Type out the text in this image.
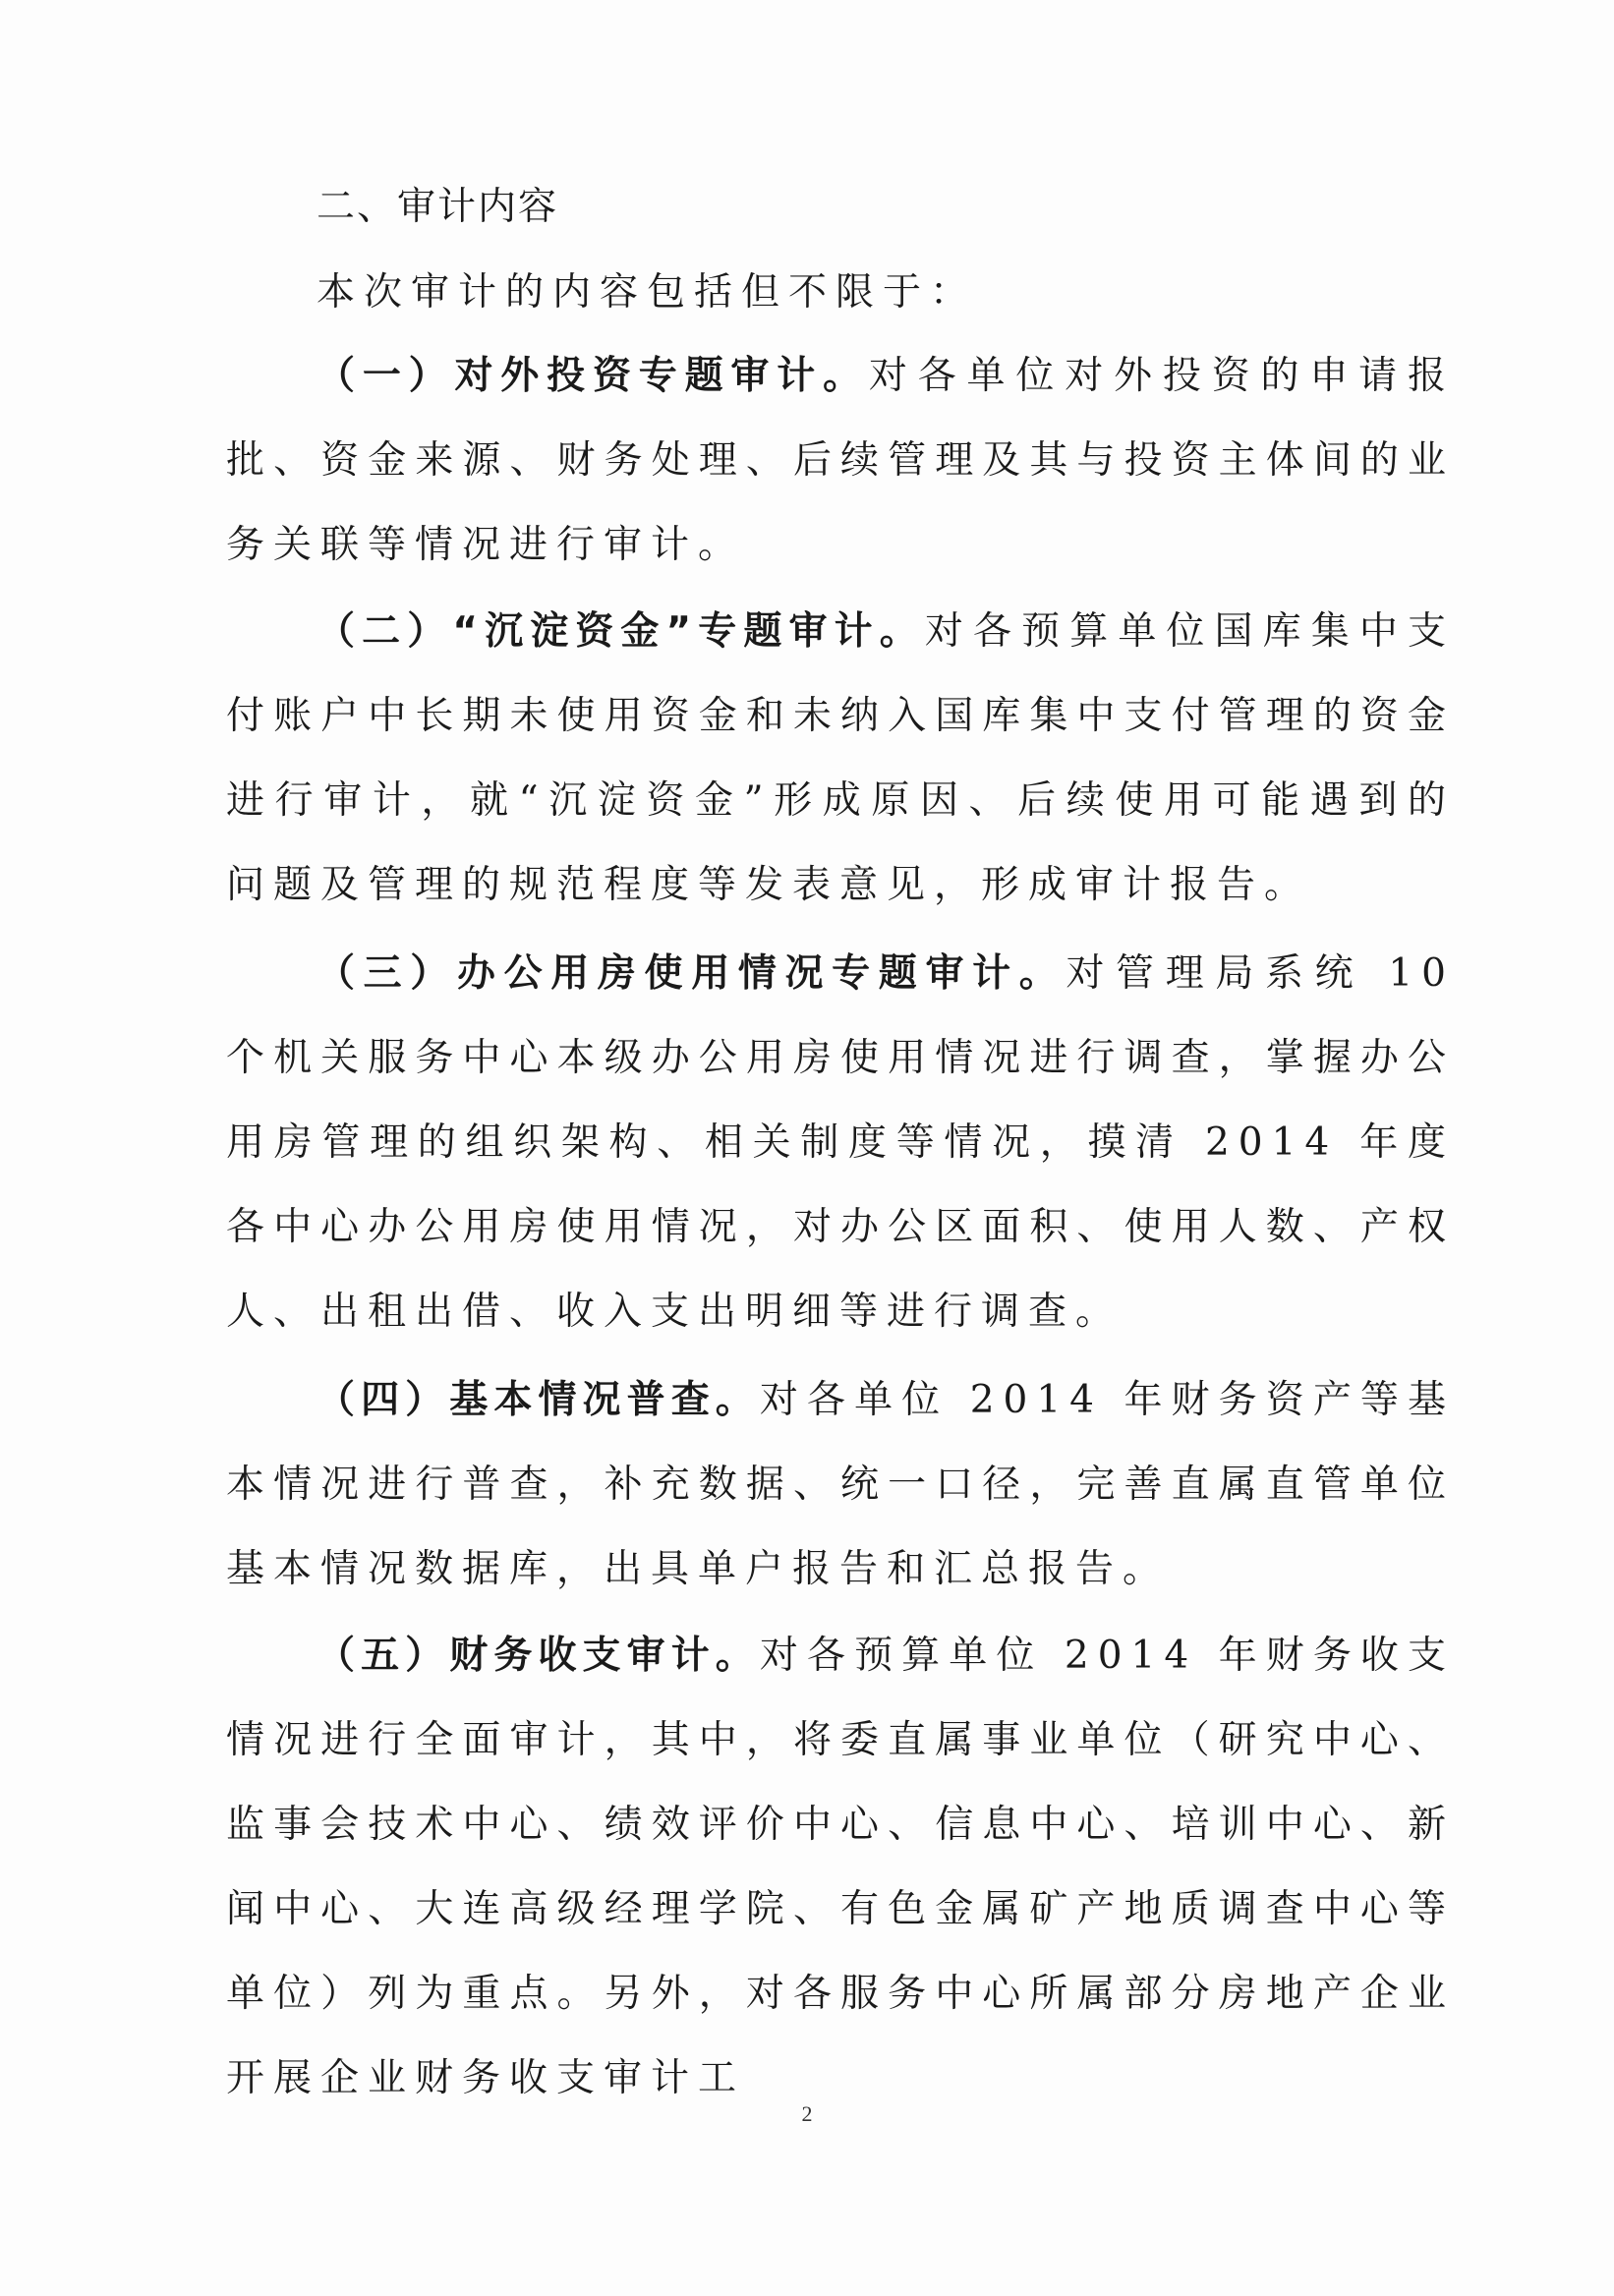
二、审计内容
本次审计的内容包括但不限于：
（一）对外投资专题审计。对各单位对外投资的申请报批、资金来源、财务处理、后续管理及其与投资主体间的业务关联等情况进行审计。
（二）“沉淀资金”专题审计。对各预算单位国库集中支付账户中长期未使用资金和未纳入国库集中支付管理的资金进行审计，就“沉淀资金”形成原因、后续使用可能遇到的问题及管理的规范程度等发表意见，形成审计报告。
（三）办公用房使用情况专题审计。对管理局系统 10 个机关服务中心本级办公用房使用情况进行调查，掌握办公用房管理的组织架构、相关制度等情况，摸清 2014 年度各中心办公用房使用情况，对办公区面积、使用人数、产权人、出租出借、收入支出明细等进行调查。
（四）基本情况普查。对各单位 2014 年财务资产等基本情况进行普查，补充数据、统一口径，完善直属直管单位基本情况数据库，出具单户报告和汇总报告。
（五）财务收支审计。对各预算单位 2014 年财务收支情况进行全面审计，其中，将委直属事业单位（研究中心、监事会技术中心、绩效评价中心、信息中心、培训中心、新闻中心、大连高级经理学院、有色金属矿产地质调查中心等单位）列为重点。另外，对各服务中心所属部分房地产企业开展企业财务收支审计工
2
